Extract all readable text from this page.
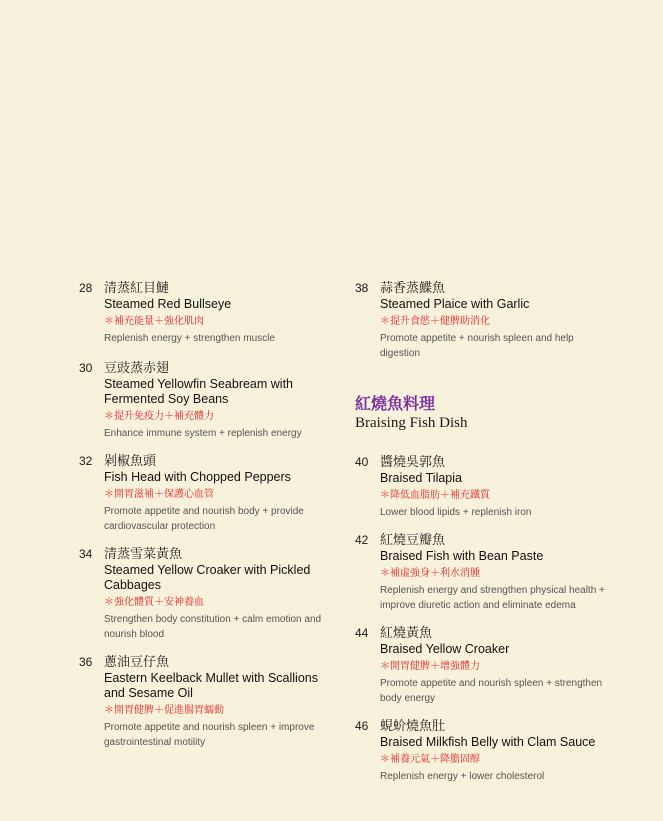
28 清蒸紅目鰱
Steamed Red Bullseye
＊補充能量＋強化肌肉
Replenish energy + strengthen muscle
30 豆豉蒸赤翅
Steamed Yellowfin Seabream with Fermented Soy Beans
＊提升免疫力＋補充體力
Enhance immune system + replenish energy
32 剁椒魚頭
Fish Head with Chopped Peppers
＊開胃滋補＋保護心血管
Promote appetite and nourish body + provide cardiovascular protection
34 清蒸雪菜黃魚
Steamed Yellow Croaker with Pickled Cabbages
＊強化體質＋安神養血
Strengthen body constitution + calm emotion and nourish blood
36 蔥油豆仔魚
Eastern Keelback Mullet with Scallions and Sesame Oil
＊開胃健脾＋促進腸胃蠕動
Promote appetite and nourish spleen + improve gastrointestinal motility
38 蒜香蒸鰈魚
Steamed Plaice with Garlic
＊提升食慾＋健脾助消化
Promote appetite + nourish spleen and help digestion
紅燒魚料理
Braising Fish Dish
40 醬燒吳郭魚
Braised Tilapia
＊降低血脂肪＋補充鐵質
Lower blood lipids + replenish iron
42 紅燒豆瓣魚
Braised Fish with Bean Paste
＊補虛強身＋利水消腫
Replenish energy and strengthen physical health + improve diuretic action and eliminate edema
44 紅燒黃魚
Braised Yellow Croaker
＊開胃健脾＋增強體力
Promote appetite and nourish spleen + strengthen body energy
46 蜆蚧燒魚肚
Braised Milkfish Belly with Clam Sauce
＊補養元氣＋降膽固醇
Replenish energy + lower cholesterol
